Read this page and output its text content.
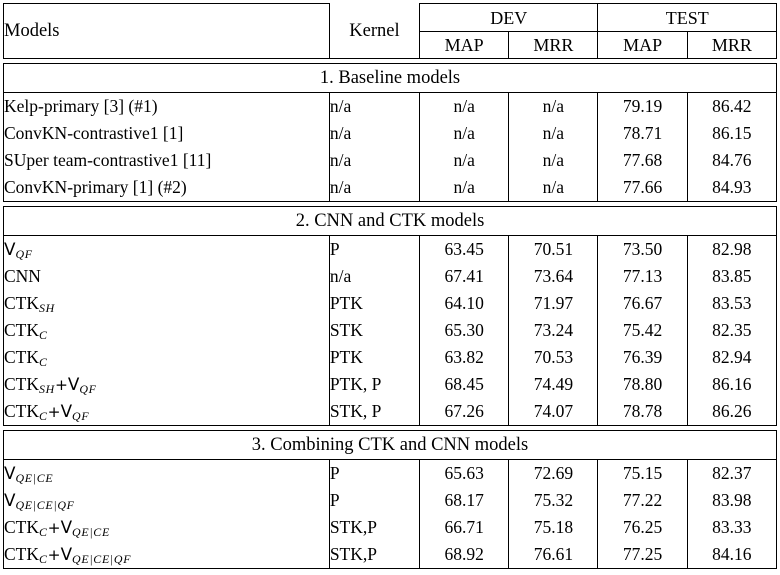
Models	Kernel	DEV		TEST	
		MAP	MRR	MAP	MRR

1. Baseline models					
Kelp-primary [3] (#1)	n/a	n/a	n/a	79.19	86.42
ConvKN-contrastive1 [1]	n/a	n/a	n/a	78.71	86.15
SUper team-contrastive1 [11]	n/a	n/a	n/a	77.68	84.76
ConvKN-primary [1] (#2)	n/a	n/a	n/a	77.66	84.93

2. CNN and CTK models					
$V_{QF}$	P	63.45	70.51	73.50	82.98
CNN	n/a	67.41	73.64	77.13	83.85
$CTK_{SH}$	PTK	64.10	71.97	76.67	83.53
$CTK_C$	STK	65.30	73.24	75.42	82.35
$CTK_C$	PTK	63.82	70.53	76.39	82.94
$CTK_{SH}+V_{QF}$	PTK, P	68.45	74.49	78.80	86.16
$CTK_C+V_{QF}$	STK, P	67.26	74.07	78.78	86.26

3. Combining CTK and CNN models					
$V_{QE|CE}$	P	65.63	72.69	75.15	82.37
$V_{QE|CE|QF}$	P	68.17	75.32	77.22	83.98
$CTK_C+V_{QE|CE}$	STK,P	66.71	75.18	76.25	83.33
$CTK_C+V_{QE|CE|QF}$	STK,P	68.92	76.61	77.25	84.16
